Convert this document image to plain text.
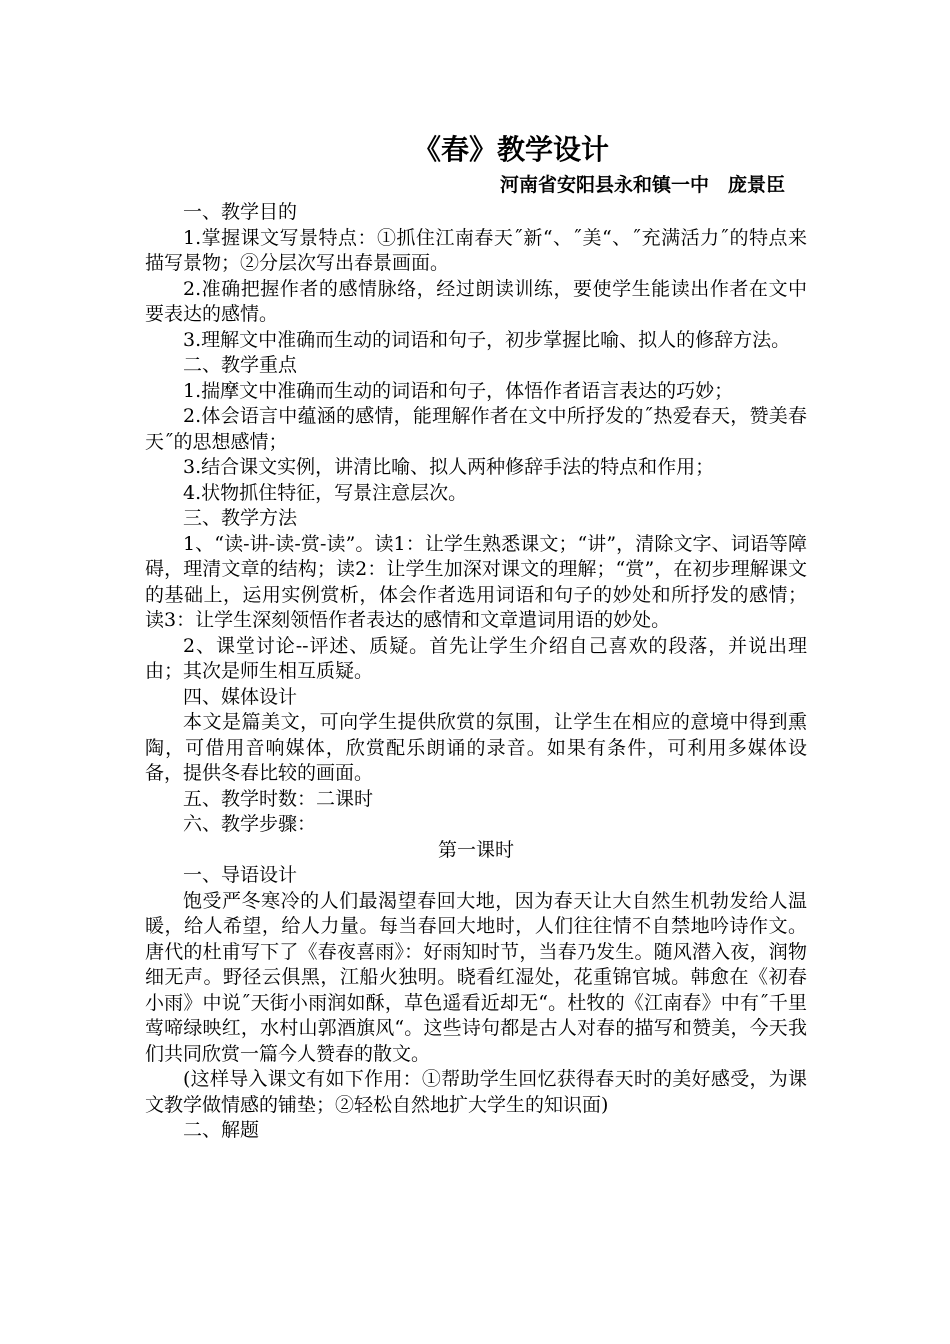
《春》教学设计
河南省安阳县永和镇一中　庞景臣

一、教学目的

1.掌握课文写景特点：①抓住江南春天˝新“、˝美“、˝充满活力˝的特点来描写景物；②分层次写出春景画面。

2.准确把握作者的感情脉络，经过朗读训练，要使学生能读出作者在文中要表达的感情。

3.理解文中准确而生动的词语和句子，初步掌握比喻、拟人的修辞方法。

二、教学重点

1.揣摩文中准确而生动的词语和句子，体悟作者语言表达的巧妙；

2.体会语言中蕴涵的感情，能理解作者在文中所抒发的˝热爱春天，赞美春天˝的思想感情；

3.结合课文实例，讲清比喻、拟人两种修辞手法的特点和作用；

4.状物抓住特征，写景注意层次。

三、教学方法

1、“读-讲-读-赏-读”。读1：让学生熟悉课文；“讲”，清除文字、词语等障碍，理清文章的结构；读2：让学生加深对课文的理解；“赏”，在初步理解课文的基础上，运用实例赏析，体会作者选用词语和句子的妙处和所抒发的感情；读3：让学生深刻领悟作者表达的感情和文章遣词用语的妙处。

2、课堂讨论--评述、质疑。首先让学生介绍自己喜欢的段落，并说出理由；其次是师生相互质疑。

四、媒体设计

本文是篇美文，可向学生提供欣赏的氛围，让学生在相应的意境中得到熏陶，可借用音响媒体，欣赏配乐朗诵的录音。如果有条件，可利用多媒体设备，提供冬春比较的画面。

五、教学时数：二课时

六、教学步骤：

第一课时

一、导语设计

饱受严冬寒冷的人们最渴望春回大地，因为春天让大自然生机勃发给人温暖，给人希望，给人力量。每当春回大地时，人们往往情不自禁地吟诗作文。唐代的杜甫写下了《春夜喜雨》：好雨知时节，当春乃发生。随风潜入夜，润物细无声。野径云俱黑，江船火独明。晓看红湿处，花重锦官城。韩愈在《初春小雨》中说˝天街小雨润如酥，草色遥看近却无“。杜牧的《江南春》中有˝千里莺啼绿映红，水村山郭酒旗风“。这些诗句都是古人对春的描写和赞美，今天我们共同欣赏一篇今人赞春的散文。

(这样导入课文有如下作用：①帮助学生回忆获得春天时的美好感受，为课文教学做情感的铺垫；②轻松自然地扩大学生的知识面)

二、解题
